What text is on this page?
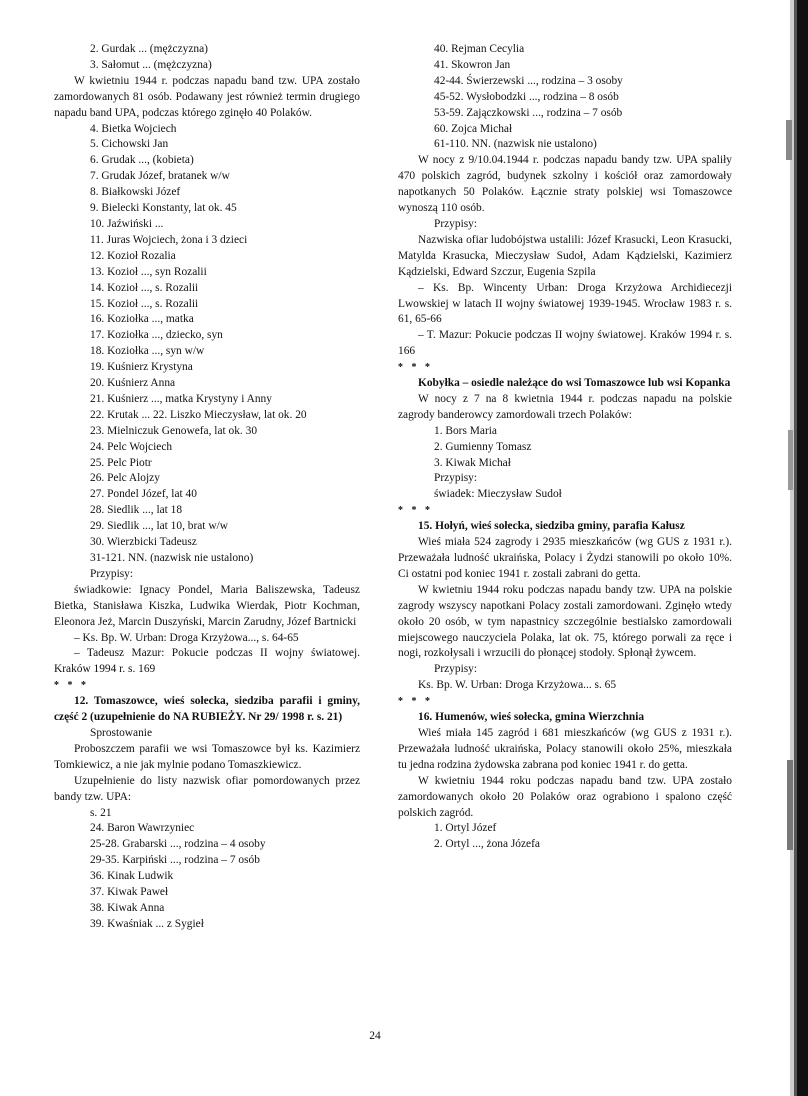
2. Gurdak ... (mężczyzna)

3. Sałomut ... (mężczyzna)

W kwietniu 1944 r. podczas napadu band tzw. UPA zostało zamordowanych 81 osób. Podawany jest również termin drugiego napadu band UPA, podczas którego zginęło 40 Polaków.

4. Bietka Wojciech

5. Cichowski Jan

6. Grudak ..., (kobieta)

7. Grudak Józef, bratanek w/w

8. Białkowski Józef

9. Bielecki Konstanty, lat ok. 45

10. Jaźwiński ...

11. Juras Wojciech, żona i 3 dzieci

12. Kozioł Rozalia

13. Kozioł ..., syn Rozalii

14. Kozioł ..., s. Rozalii

15. Kozioł ..., s. Rozalii

16. Koziołka ..., matka

17. Koziołka ..., dziecko, syn

18. Koziołka ..., syn w/w

19. Kuśnierz Krystyna

20. Kuśnierz Anna

21. Kuśnierz ..., matka Krystyny i Anny

22. Krutak ... 22. Liszko Mieczysław, lat ok. 20

23. Mielniczuk Genowefa, lat ok. 30

24. Pelc Wojciech

25. Pelc Piotr

26. Pelc Alojzy

27. Pondel Józef, lat 40

28. Siedlik ..., lat 18

29. Siedlik ..., lat 10, brat w/w

30. Wierzbicki Tadeusz

31-121. NN. (nazwisk nie ustalono)

Przypisy:

świadkowie: Ignacy Pondel, Maria Baliszewska, Tadeusz Bietka, Stanisława Kiszka, Ludwika Wierdak, Piotr Kochman, Eleonora Jeż, Marcin Duszyński, Marcin Zarudny, Józef Bartnicki

– Ks. Bp. W. Urban: Droga Krzyżowa..., s. 64-65

– Tadeusz Mazur: Pokucie podczas II wojny światowej. Kraków 1994 r. s. 169

* * *

12. Tomaszowce, wieś sołecka, siedziba parafii i gminy, część 2 (uzupełnienie do NA RUBIEŻY. Nr 29/ 1998 r. s. 21)

Sprostowanie

Proboszczem parafii we wsi Tomaszowce był ks. Kazimierz Tomkiewicz, a nie jak mylnie podano Tomaszkiewicz.

Uzupełnienie do listy nazwisk ofiar pomordowanych przez bandy tzw. UPA:

s. 21

24. Baron Wawrzyniec

25-28. Grabarski ..., rodzina – 4 osoby

29-35. Karpiński ..., rodzina – 7 osób

36. Kinak Ludwik

37. Kiwak Paweł

38. Kiwak Anna

39. Kwaśniak ... z Sygieł

40. Rejman Cecylia

41. Skowron Jan

42-44. Świerzewski ..., rodzina – 3 osoby

45-52. Wysłobodzki ..., rodzina – 8 osób

53-59. Zajączkowski ..., rodzina – 7 osób

60. Zojca Michał

61-110. NN. (nazwisk nie ustalono)

W nocy z 9/10.04.1944 r. podczas napadu bandy tzw. UPA spaliły 470 polskich zagród, budynek szkolny i kościół oraz zamordowały napotkanych 50 Polaków. Łącznie straty polskiej wsi Tomaszowce wynoszą 110 osób.

Przypisy:

Nazwiska ofiar ludobójstwa ustalili: Józef Krasucki, Leon Krasucki, Matylda Krasucka, Mieczysław Sudoł, Adam Kądzielski, Kazimierz Kądzielski, Edward Szczur, Eugenia Szpila

– Ks. Bp. Wincenty Urban: Droga Krzyżowa Archidiecezji Lwowskiej w latach II wojny światowej 1939-1945. Wrocław 1983 r. s. 61, 65-66

– T. Mazur: Pokucie podczas II wojny światowej. Kraków 1994 r. s. 166

* * *

Kobyłka – osiedle należące do wsi Tomaszowce lub wsi Kopanka

W nocy z 7 na 8 kwietnia 1944 r. podczas napadu na polskie zagrody banderowcy zamordowali trzech Polaków:

1. Bors Maria

2. Gumienny Tomasz

3. Kiwak Michał

Przypisy:

świadek: Mieczysław Sudoł

* * *

15. Hołyń, wieś sołecka, siedziba gminy, parafia Kałusz

Wieś miała 524 zagrody i 2935 mieszkańców (wg GUS z 1931 r.). Przeważała ludność ukraińska, Polacy i Żydzi stanowili po około 10%. Ci ostatni pod koniec 1941 r. zostali zabrani do getta.

W kwietniu 1944 roku podczas napadu bandy tzw. UPA na polskie zagrody wszyscy napotkani Polacy zostali zamordowani. Zginęło wtedy około 20 osób, w tym napastnicy szczególnie bestialsko zamordowali miejscowego nauczyciela Polaka, lat ok. 75, którego porwali za ręce i nogi, rozkołysali i wrzucili do płonącej stodoły. Spłonął żywcem.

Przypisy:

Ks. Bp. W. Urban: Droga Krzyżowa... s. 65

* * *

16. Humenów, wieś sołecka, gmina Wierzchnia

Wieś miała 145 zagród i 681 mieszkańców (wg GUS z 1931 r.). Przeważała ludność ukraińska, Polacy stanowili około 25%, mieszkała tu jedna rodzina żydowska zabrana pod koniec 1941 r. do getta.

W kwietniu 1944 roku podczas napadu band tzw. UPA zostało zamordowanych około 20 Polaków oraz ograbiono i spalono część polskich zagród.

1. Ortyl Józef

2. Ortyl ..., żona Józefa

24
